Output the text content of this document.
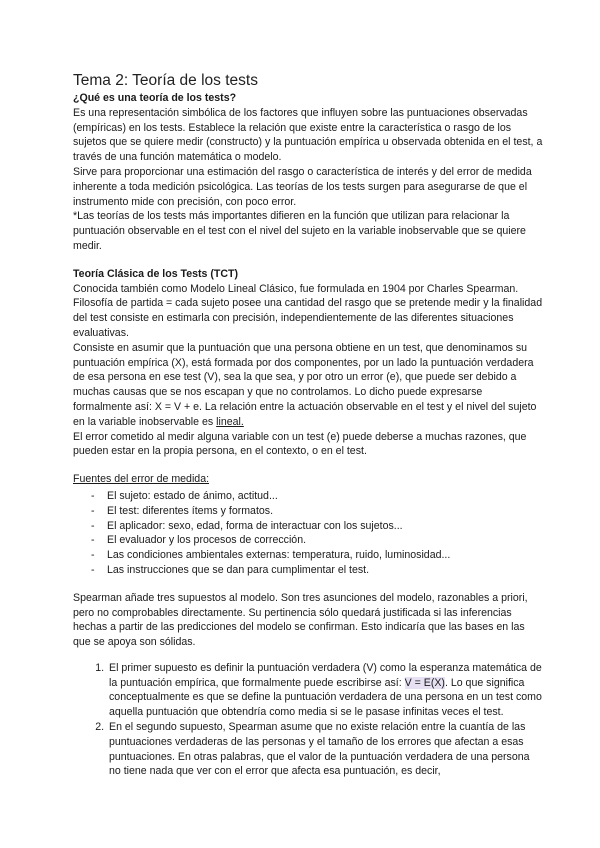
Tema 2: Teoría de los tests
¿Qué es una teoría de los tests?

Es una representación simbólica de los factores que influyen sobre las puntuaciones observadas (empíricas) en los tests. Establece la relación que existe entre la característica o rasgo de los sujetos que se quiere medir (constructo) y la puntuación empírica u observada obtenida en el test, a través de una función matemática o modelo.

Sirve para proporcionar una estimación del rasgo o característica de interés y del error de medida inherente a toda medición psicológica. Las teorías de los tests surgen para asegurarse de que el instrumento mide con precisión, con poco error.

*Las teorías de los tests más importantes difieren en la función que utilizan para relacionar la puntuación observable en el test con el nivel del sujeto en la variable inobservable que se quiere medir.

Teoría Clásica de los Tests (TCT)

Conocida también como Modelo Lineal Clásico, fue formulada en 1904 por Charles Spearman. Filosofía de partida = cada sujeto posee una cantidad del rasgo que se pretende medir y la finalidad del test consiste en estimarla con precisión, independientemente de las diferentes situaciones evaluativas.

Consiste en asumir que la puntuación que una persona obtiene en un test, que denominamos su puntuación empírica (X), está formada por dos componentes, por un lado la puntuación verdadera de esa persona en ese test (V), sea la que sea, y por otro un error (e), que puede ser debido a muchas causas que se nos escapan y que no controlamos. Lo dicho puede expresarse formalmente así: X = V + e. La relación entre la actuación observable en el test y el nivel del sujeto en la variable inobservable es lineal.

El error cometido al medir alguna variable con un test (e) puede deberse a muchas razones, que pueden estar en la propia persona, en el contexto, o en el test.

Fuentes del error de medida:
- El sujeto: estado de ánimo, actitud...
- El test: diferentes ítems y formatos.
- El aplicador: sexo, edad, forma de interactuar con los sujetos...
- El evaluador y los procesos de corrección.
- Las condiciones ambientales externas: temperatura, ruido, luminosidad...
- Las instrucciones que se dan para cumplimentar el test.

Spearman añade tres supuestos al modelo. Son tres asunciones del modelo, razonables a priori, pero no comprobables directamente. Su pertinencia sólo quedará justificada si las inferencias hechas a partir de las predicciones del modelo se confirman. Esto indicaría que las bases en las que se apoya son sólidas.

1. El primer supuesto es definir la puntuación verdadera (V) como la esperanza matemática de la puntuación empírica, que formalmente puede escribirse así: V = E(X). Lo que significa conceptualmente es que se define la puntuación verdadera de una persona en un test como aquella puntuación que obtendría como media si se le pasase infinitas veces el test.
2. En el segundo supuesto, Spearman asume que no existe relación entre la cuantía de las puntuaciones verdaderas de las personas y el tamaño de los errores que afectan a esas puntuaciones. En otras palabras, que el valor de la puntuación verdadera de una persona no tiene nada que ver con el error que afecta esa puntuación, es decir,
